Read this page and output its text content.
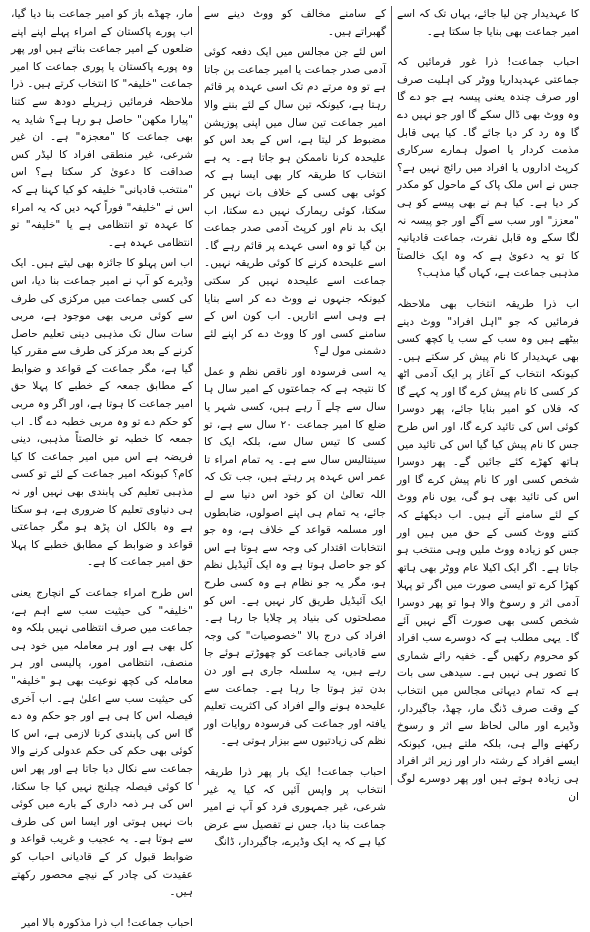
کا عہدیدار چن لیا جائے، یہاں تک کہ اسے امیر جماعت بھی بنایا جا سکتا ہے۔

احباب جماعت! ذرا غور فرمائیں کہ جماعتی عہدیداریا ووٹر کی اہلیت صرف اور صرف چندہ یعنی پیسہ ہے جو دے گا وہ ووٹ بھی ڈال سکے گا اور جو نہیں دے گا وہ رد کر دیا جائے گا۔ کیا یہی قابل مذمت کردار یا اصول ہمارے سرکاری کرپٹ اداروں یا افراد میں رائج نہیں ہے؟ جس نے اس ملک پاک کے ماحول کو مکدر کر دیا ہے۔ کیا ہم نے بھی پیسے کو ہی "معزز" اور سب سے آگے اور جو پیسہ نہ لگا سکے وہ قابل نفرت، جماعت قادیانیہ کا تو یہ دعویٰ ہے کہ وہ ایک خالصتاً مذہبی جماعت ہے، کہاں گیا مذہب؟

اب ذرا طریقہ انتخاب بھی ملاحظہ فرمائیں کہ جو "اہل افراد" ووٹ دینے بیٹھے ہیں وہ سب کے سب یا کچھ کسی بھی عہدیدار کا نام پیش کر سکتے ہیں۔ کیونکہ انتخاب کے آغاز پر ایک آدمی اٹھ کر کسی کا نام پیش کرے گا اور یہ کہے گا کہ فلاں کو امیر بنایا جائے، پھر دوسرا کوئی اس کی تائید کرے گا، اور اس طرح جس کا نام پیش کیا گیا اس کی تائید میں ہاتھ کھڑے کئے جائیں گے۔ پھر دوسرا شخص کسی اور کا نام پیش کرے گا اور اس کی تائید بھی ہو گی، یوں نام ووٹ کے لئے سامنے آتے ہیں۔ اب دیکھئے کہ کتنے ووٹ کسی کے حق میں ہیں اور جس کو زیادہ ووٹ ملیں وہی منتخب ہو جاتا ہے۔ اگر ایک اکیلا عام ووٹر بھی ہاتھ کھڑا کرے تو ایسی صورت میں اگر تو پہلا آدمی اثر و رسوخ والا ہوا تو پھر دوسرا شخص کسی بھی صورت آگے نہیں آئے گا۔ یہی مطلب ہے کہ دوسرے سب افراد کو محروم رکھیں گے۔ خفیہ رائے شماری کا تصور ہی نہیں ہے۔ سیدھی سی بات ہے کہ تمام دیہاتی مجالس میں انتخاب کے وقت صرف ڈنگ مار، چھڈ، جاگیردار، وڈیرے اور مالی لحاظ سے اثر و رسوخ رکھنے والے ہی، بلکہ ملتے ہیں، کیونکہ ایسے افراد کے رشتہ دار اور زیر اثر افراد ہی زیادہ ہوتے ہیں اور پھر دوسرے لوگ ان

کے سامنے مخالف کو ووٹ دینے سے گھبراتے ہیں۔

اس لئے جن مجالس میں ایک دفعہ کوئی آدمی صدر جماعت یا امیر جماعت بن جاتا ہے تو وہ مرتے دم تک اسی عہدہ پر قائم رہتا ہے، کیونکہ تین سال کے لئے بننے والا امیر جماعت تین سال میں اپنی پوزیشن مضبوط کر لیتا ہے، اس کے بعد اس کو علیحدہ کرنا ناممکن ہو جاتا ہے۔ یہ ہے انتخاب کا طریقہ کار بھی ایسا ہے کہ کوئی بھی کسی کے خلاف بات نہیں کر سکتا، کوئی ریمارک نہیں دے سکتا، اب ایک بد نام اور کرپٹ آدمی صدر جماعت بن گیا تو وہ اسی عہدے پر قائم رہے گا۔ اسے علیحدہ کرنے کا کوئی طریقہ نہیں۔ جماعت اسے علیحدہ نہیں کر سکتی کیونکہ جنہوں نے ووٹ دے کر اسے بنایا ہے وہی اسے اتاریں۔ اب کون اس کے سامنے کسی اور کا ووٹ دے کر اپنے لئے دشمنی مول لے؟

یہ اسی فرسودہ اور ناقص نظم و عمل کا نتیجہ ہے کہ جماعتوں کے امیر سال ہا سال سے چلے آ رہے ہیں، کسی شہر یا ضلع کا امیر جماعت ۲۰ سال سے ہے، تو کسی کا تیس سال سے، بلکہ ایک کا سینتالیس سال سے ہے۔ یہ تمام امراء تا عمر اس عہدہ پر رہتے ہیں، جب تک کہ اللہ تعالیٰ ان کو خود اس دنیا سے لے جائے، یہ تمام ہی اپنے اصولوں، ضابطوں اور مسلمہ قواعد کے خلاف ہے، وہ جو انتخابات اقتدار کی وجہ سے ہوتا ہے اس کو جو حاصل ہوتا ہے وہ ایک آئیڈیل نظم ہو، مگر یہ جو نظام ہے وہ کسی طرح ایک آئیڈیل طریق کار نہیں ہے۔ اس کو مصلحتوں کی بنیاد پر چلایا جا رہا ہے۔ افراد کی درج بالا "خصوصیات" کی وجہ سے قادیانی جماعت کو چھوڑتے ہوئے جا رہے ہیں، یہ سلسلہ جاری ہے اور دن بدن تیز ہوتا جا رہا ہے۔ جماعت سے علیحدہ ہونے والے افراد کی اکثریت تعلیم یافتہ اور جماعت کی فرسودہ روایات اور نظم کی زیادتیوں سے بیزار ہوتی ہے۔

احباب جماعت! ایک بار پھر ذرا طریقہ انتخاب پر واپس آئیں کہ کیا یہ غیر شرعی، غیر جمہوری فرد کو آپ نے امیر جماعت بنا دیا، جس نے تفصیل سے عرض کیا ہے کہ یہ ایک وڈیرے، جاگیردار، ڈانگ

مار، چھڈے باز کو امیر جماعت بنا دیا گیا، اب پورے پاکستان کے امراء پہلے اپنے اپنے ضلعوں کے امیر جماعت بناتے ہیں اور پھر وہ پورے پاکستان یا پوری جماعت کا امیر جماعت "خلیفہ" کا انتخاب کرتے ہیں۔ ذرا ملاحظہ فرمائیں زہریلے دودھ سے کتنا "پیارا مکھن" حاصل ہو رہا ہے؟ شاید یہ بھی جماعت کا "معجزہ" ہے۔ ان غیر شرعی، غیر منطقی افراد کا لیڈر کس صداقت کا دعویٰ کر سکتا ہے؟ اس "منتخب قادیانی" خلیفہ کو کیا کہنا ہے کہ اس نے "خلیفہ" فوراً کہہ دیں کہ یہ امراء کا عہدہ تو انتظامی ہے یا "خلیفہ" تو انتظامی عہدہ ہے۔

اب اس پہلو کا جائزہ بھی لیتے ہیں۔ ایک وڈیرے کو آپ نے امیر جماعت بنا دیا، اس کی کسی جماعت میں مرکزی کی طرف سے کوئی مربی بھی موجود ہے، مربی سات سال تک مذہبی دینی تعلیم حاصل کرنے کے بعد مرکز کی طرف سے مقرر کیا گیا ہے، مگر جماعت کے قواعد و ضوابط کے مطابق جمعہ کے خطبے کا پہلا حق امیر جماعت کا ہوتا ہے، اور اگر وہ مربی کو حکم دے تو وہ مربی خطبہ دے گا۔ اب جمعہ کا خطبہ تو خالصتاً مذہبی، دینی فریضہ ہے اس میں امیر جماعت کا کیا کام؟ کیونکہ امیر جماعت کے لئے تو کسی مذہبی تعلیم کی پابندی بھی نہیں اور نہ ہی دنیاوی تعلیم کا ضروری ہے، ہو سکتا ہے وہ بالکل ان پڑھ ہو مگر جماعتی قواعد و ضوابط کے مطابق خطبے کا پہلا حق امیر جماعت کا ہے۔

اس طرح امراء جماعت کے انچارج یعنی "خلیفہ" کی حیثیت سب سے اہم ہے، جماعت میں صرف انتظامی نہیں بلکہ وہ کل بھی ہے اور ہر معاملہ میں خود ہی منصف، انتظامی امور، پالیسی اور ہر معاملہ کی کچھ نوعیت بھی ہو "خلیفہ" کی حیثیت سب سے اعلیٰ ہے۔ اب آخری فیصلہ اس کا ہی ہے اور جو حکم وہ دے گا اس کی پابندی کرنا لازمی ہے، اس کا کوئی بھی حکم کی حکم عدولی کرنے والا جماعت سے نکال دیا جاتا ہے اور پھر اس کا کوئی فیصلہ چیلنج نہیں کیا جا سکتا، اس کی ہر ذمہ داری کے بارے میں کوئی بات نہیں ہوتی اور ایسا اس کی طرف سے ہوتا ہے۔ یہ عجیب و غریب قواعد و ضوابط قبول کر کے قادیانی احباب کو عقیدت کی چادر کے نیچے محصور رکھتے ہیں۔

احباب جماعت! اب ذرا مذکورہ بالا امیر
